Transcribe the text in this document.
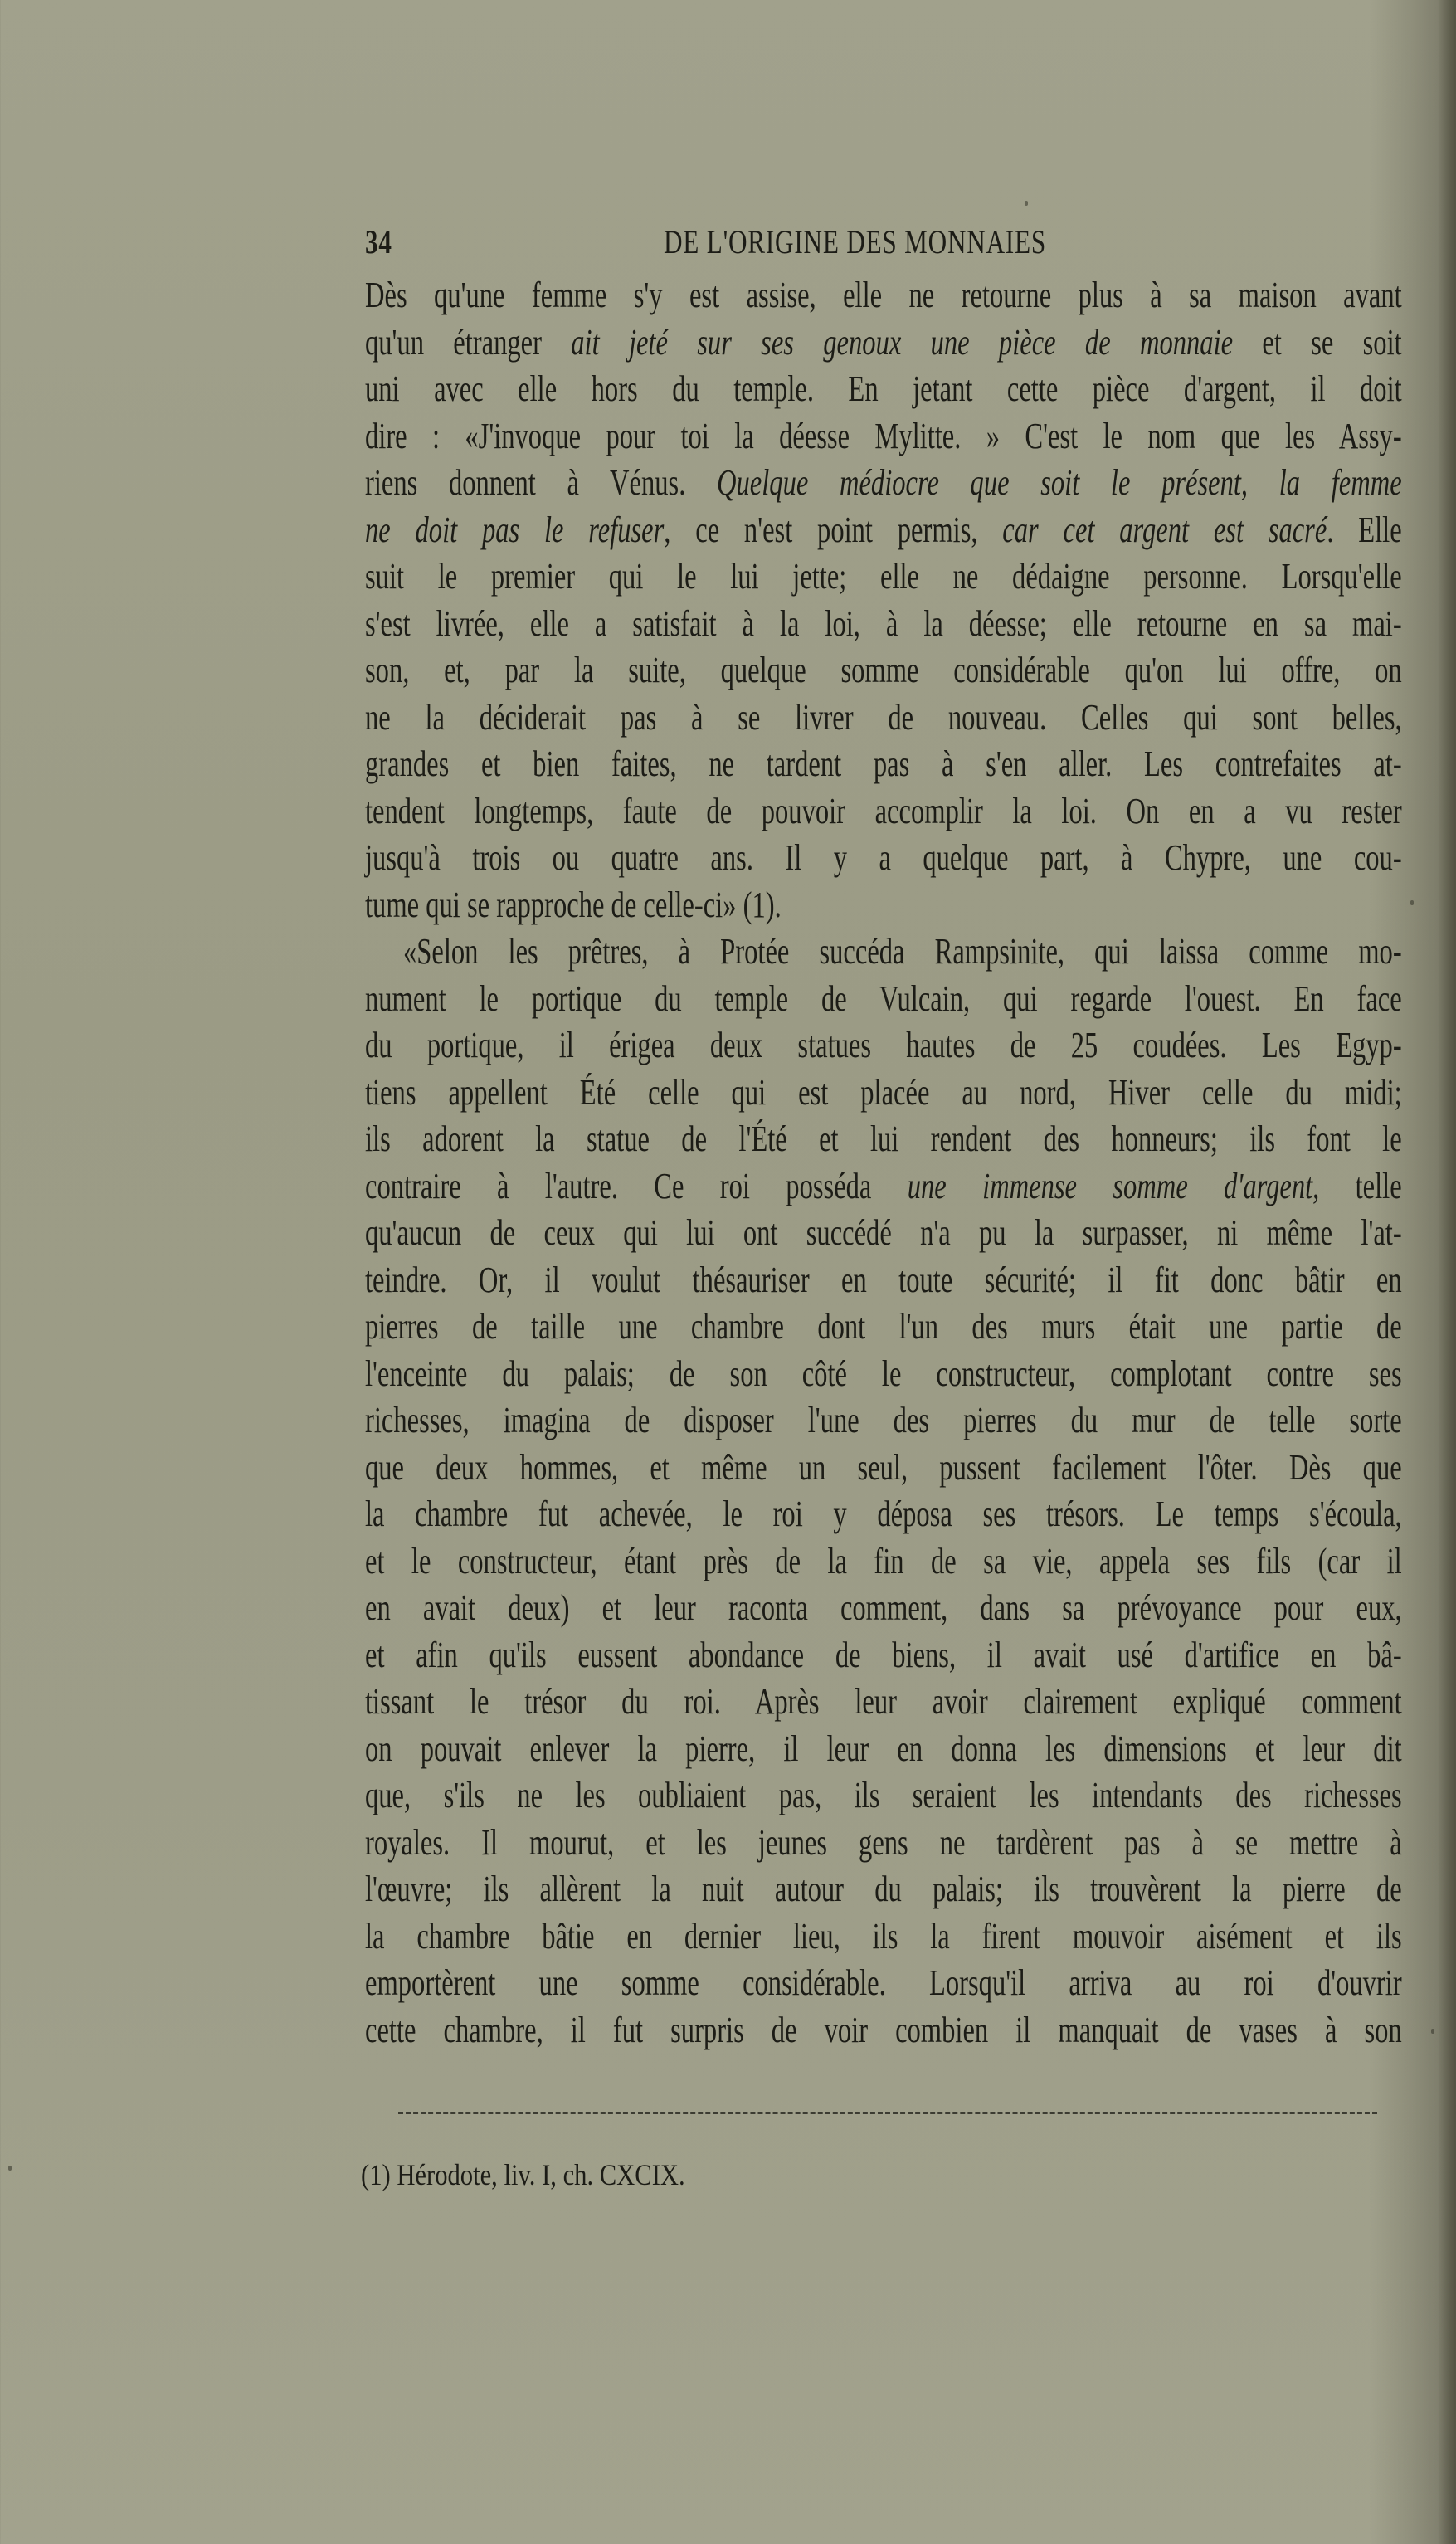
34	DE L'ORIGINE DES MONNAIES
Dès qu'une femme s'y est assise, elle ne retourne plus à sa maison avant
qu'un étranger ait jeté sur ses genoux une pièce de monnaie et se soit
uni avec elle hors du temple. En jetant cette pièce d'argent, il doit
dire : «J'invoque pour toi la déesse Mylitte. » C'est le nom que les Assy-
riens donnent à Vénus. Quelque médiocre que soit le présent, la femme
ne doit pas le refuser, ce n'est point permis, car cet argent est sacré. Elle
suit le premier qui le lui jette; elle ne dédaigne personne. Lorsqu'elle
s'est livrée, elle a satisfait à la loi, à la déesse; elle retourne en sa mai-
son, et, par la suite, quelque somme considérable qu'on lui offre, on
ne la déciderait pas à se livrer de nouveau. Celles qui sont belles,
grandes et bien faites, ne tardent pas à s'en aller. Les contrefaites at-
tendent longtemps, faute de pouvoir accomplir la loi. On en a vu rester
jusqu'à trois ou quatre ans. Il y a quelque part, à Chypre, une cou-
tume qui se rapproche de celle-ci» (1).
«Selon les prêtres, à Protée succéda Rampsinite, qui laissa comme mo-
nument le portique du temple de Vulcain, qui regarde l'ouest. En face
du portique, il érigea deux statues hautes de 25 coudées. Les Egyp-
tiens appellent Été celle qui est placée au nord, Hiver celle du midi;
ils adorent la statue de l'Été et lui rendent des honneurs; ils font le
contraire à l'autre. Ce roi posséda une immense somme d'argent, telle
qu'aucun de ceux qui lui ont succédé n'a pu la surpasser, ni même l'at-
teindre. Or, il voulut thésauriser en toute sécurité; il fit donc bâtir en
pierres de taille une chambre dont l'un des murs était une partie de
l'enceinte du palais; de son côté le constructeur, complotant contre ses
richesses, imagina de disposer l'une des pierres du mur de telle sorte
que deux hommes, et même un seul, pussent facilement l'ôter. Dès que
la chambre fut achevée, le roi y déposa ses trésors. Le temps s'écoula,
et le constructeur, étant près de la fin de sa vie, appela ses fils (car il
en avait deux) et leur raconta comment, dans sa prévoyance pour eux,
et afin qu'ils eussent abondance de biens, il avait usé d'artifice en bâ-
tissant le trésor du roi. Après leur avoir clairement expliqué comment
on pouvait enlever la pierre, il leur en donna les dimensions et leur dit
que, s'ils ne les oubliaient pas, ils seraient les intendants des richesses
royales. Il mourut, et les jeunes gens ne tardèrent pas à se mettre à
l'œuvre; ils allèrent la nuit autour du palais; ils trouvèrent la pierre de
la chambre bâtie en dernier lieu, ils la firent mouvoir aisément et ils
emportèrent une somme considérable. Lorsqu'il arriva au roi d'ouvrir
cette chambre, il fut surpris de voir combien il manquait de vases à son
(1) Hérodote, liv. I, ch. CXCIX.
